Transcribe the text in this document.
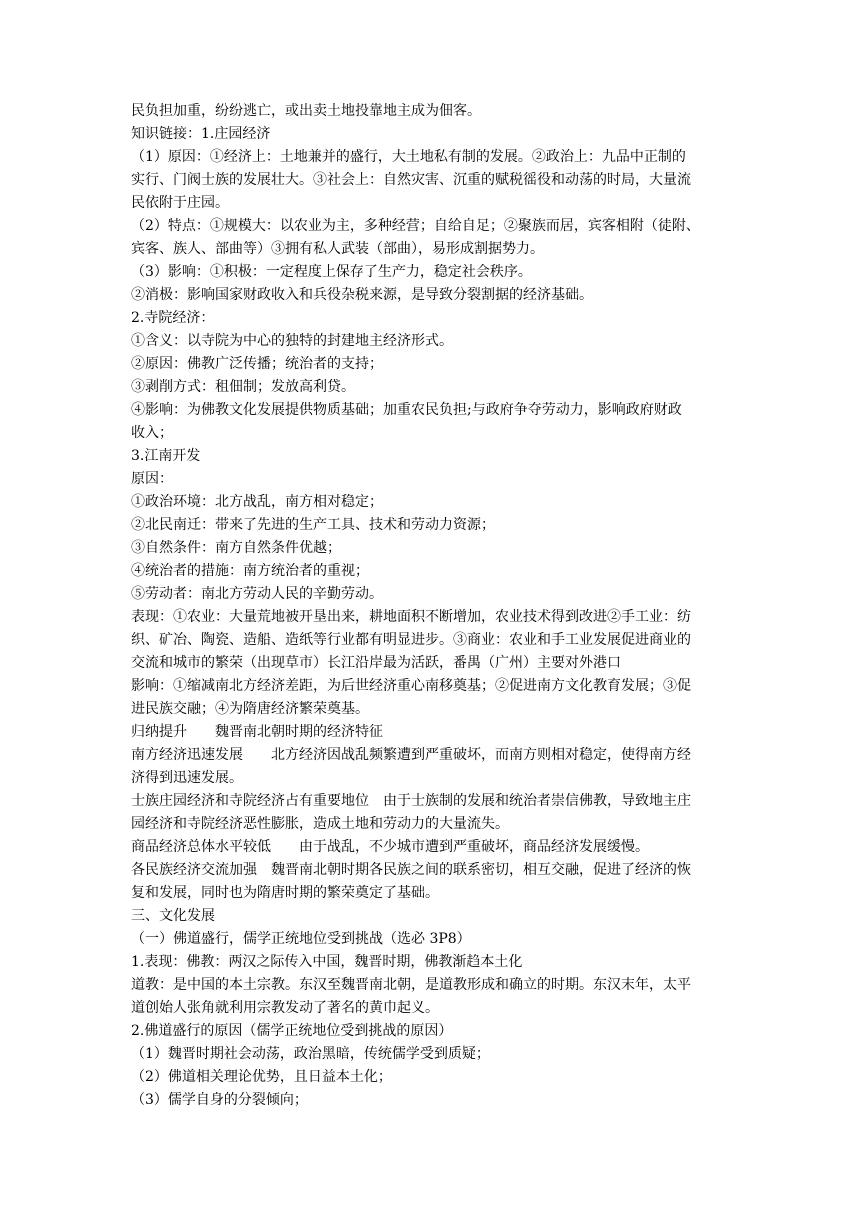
民负担加重，纷纷逃亡，或出卖土地投靠地主成为佃客。
知识链接：1.庄园经济
（1）原因：①经济上：土地兼并的盛行，大土地私有制的发展。②政治上：九品中正制的
实行、门阀士族的发展壮大。③社会上：自然灾害、沉重的赋税徭役和动荡的时局，大量流
民依附于庄园。
（2）特点：①规模大：以农业为主，多种经营；自给自足；②聚族而居，宾客相附（徒附、
宾客、族人、部曲等）③拥有私人武装（部曲），易形成割据势力。
（3）影响：①积极：一定程度上保存了生产力，稳定社会秩序。
②消极：影响国家财政收入和兵役杂税来源，是导致分裂割据的经济基础。
2.寺院经济：
①含义：以寺院为中心的独特的封建地主经济形式。
②原因：佛教广泛传播；统治者的支持；
③剥削方式：租佃制；发放高利贷。
④影响：为佛教文化发展提供物质基础；加重农民负担;与政府争夺劳动力，影响政府财政
收入；
3.江南开发
原因：
①政治环境：北方战乱，南方相对稳定；
②北民南迁：带来了先进的生产工具、技术和劳动力资源；
③自然条件：南方自然条件优越；
④统治者的措施：南方统治者的重视；
⑤劳动者：南北方劳动人民的辛勤劳动。
表现：①农业：大量荒地被开垦出来，耕地面积不断增加，农业技术得到改进②手工业：纺
织、矿冶、陶瓷、造船、造纸等行业都有明显进步。③商业：农业和手工业发展促进商业的
交流和城市的繁荣（出现草市）长江沿岸最为活跃，番禺（广州）主要对外港口
影响：①缩减南北方经济差距，为后世经济重心南移奠基；②促进南方文化教育发展；③促
进民族交融；④为隋唐经济繁荣奠基。
归纳提升　　魏晋南北朝时期的经济特征
南方经济迅速发展　　北方经济因战乱频繁遭到严重破坏，而南方则相对稳定，使得南方经
济得到迅速发展。
士族庄园经济和寺院经济占有重要地位　由于士族制的发展和统治者崇信佛教，导致地主庄
园经济和寺院经济恶性膨胀，造成土地和劳动力的大量流失。
商品经济总体水平较低　　由于战乱，不少城市遭到严重破坏，商品经济发展缓慢。
各民族经济交流加强　魏晋南北朝时期各民族之间的联系密切，相互交融，促进了经济的恢
复和发展，同时也为隋唐时期的繁荣奠定了基础。
三、文化发展
（一）佛道盛行，儒学正统地位受到挑战（选必 3P8）
1.表现：佛教：两汉之际传入中国，魏晋时期，佛教渐趋本土化
道教：是中国的本土宗教。东汉至魏晋南北朝，是道教形成和确立的时期。东汉末年，太平
道创始人张角就利用宗教发动了著名的黄巾起义。
2.佛道盛行的原因（儒学正统地位受到挑战的原因）
（1）魏晋时期社会动荡，政治黑暗，传统儒学受到质疑；
（2）佛道相关理论优势，且日益本土化；
（3）儒学自身的分裂倾向；
